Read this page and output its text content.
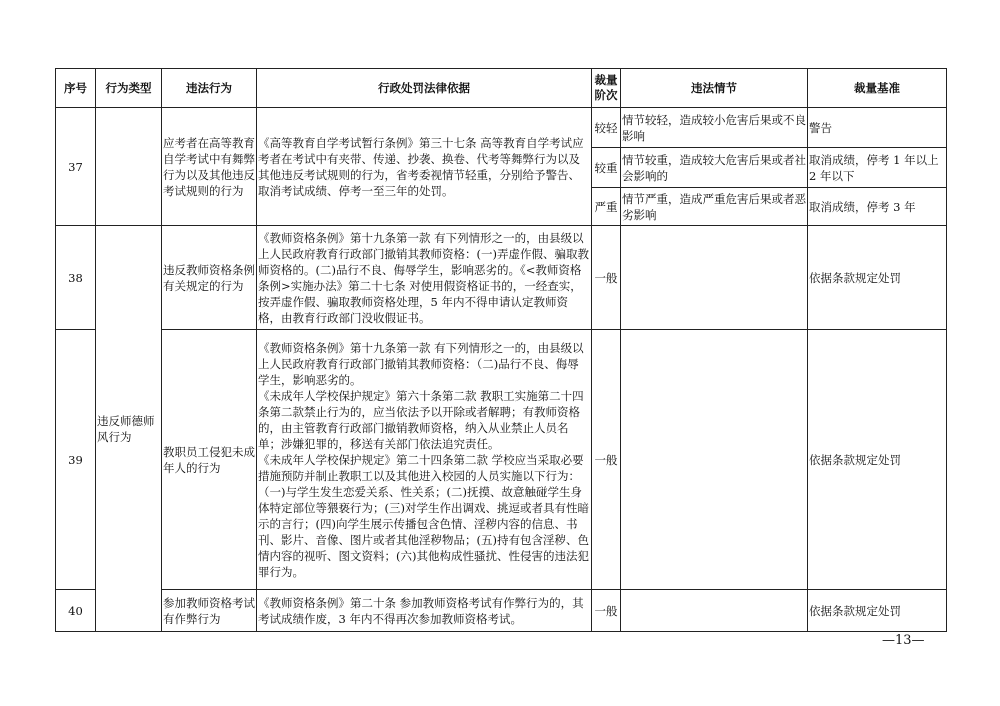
序号	行为类型	违法行为	行政处罚法律依据	裁量阶次	违法情节	裁量基准
37		应考者在高等教育自学考试中有舞弊行为以及其他违反考试规则的行为	《高等教育自学考试暂行条例》第三十七条 高等教育自学考试应考者在考试中有夹带、传递、抄袭、换卷、代考等舞弊行为以及其他违反考试规则的行为，省考委视情节轻重，分别给予警告、取消考试成绩、停考一至三年的处罚。	较轻	情节较轻，造成较小危害后果或不良影响	警告
				较重	情节较重，造成较大危害后果或者社会影响的	取消成绩，停考 1 年以上 2 年以下
				严重	情节严重，造成严重危害后果或者恶劣影响	取消成绩，停考 3 年
38	违反师德师风行为	违反教师资格条例有关规定的行为	《教师资格条例》第十九条第一款 有下列情形之一的，由县级以上人民政府教育行政部门撤销其教师资格：(一)弄虚作假、骗取教师资格的。(二)品行不良、侮辱学生，影响恶劣的。《<教师资格条例>实施办法》第二十七条 对使用假资格证书的，一经查实，按弄虚作假、骗取教师资格处理，5 年内不得申请认定教师资格，由教育行政部门没收假证书。	一般		依据条款规定处罚
39		教职员工侵犯未成年人的行为	《教师资格条例》第十九条第一款 有下列情形之一的，由县级以上人民政府教育行政部门撤销其教师资格：（二)品行不良、侮辱学生，影响恶劣的。
《未成年人学校保护规定》第六十条第二款 教职工实施第二十四条第二款禁止行为的，应当依法予以开除或者解聘；有教师资格的，由主管教育行政部门撤销教师资格，纳入从业禁止人员名单；涉嫌犯罪的，移送有关部门依法追究责任。
《未成年人学校保护规定》第二十四条第二款 学校应当采取必要措施预防并制止教职工以及其他进入校园的人员实施以下行为：（一)与学生发生恋爱关系、性关系；(二)抚摸、故意触碰学生身体特定部位等猥亵行为；(三)对学生作出调戏、挑逗或者具有性暗示的言行；(四)向学生展示传播包含色情、淫秽内容的信息、书刊、影片、音像、图片或者其他淫秽物品；(五)持有包含淫秽、色情内容的视听、图文资料；(六)其他构成性骚扰、性侵害的违法犯罪行为。	一般		依据条款规定处罚
40		参加教师资格考试有作弊行为	《教师资格条例》第二十条 参加教师资格考试有作弊行为的，其考试成绩作废，3 年内不得再次参加教师资格考试。	一般		依据条款规定处罚
—13—
